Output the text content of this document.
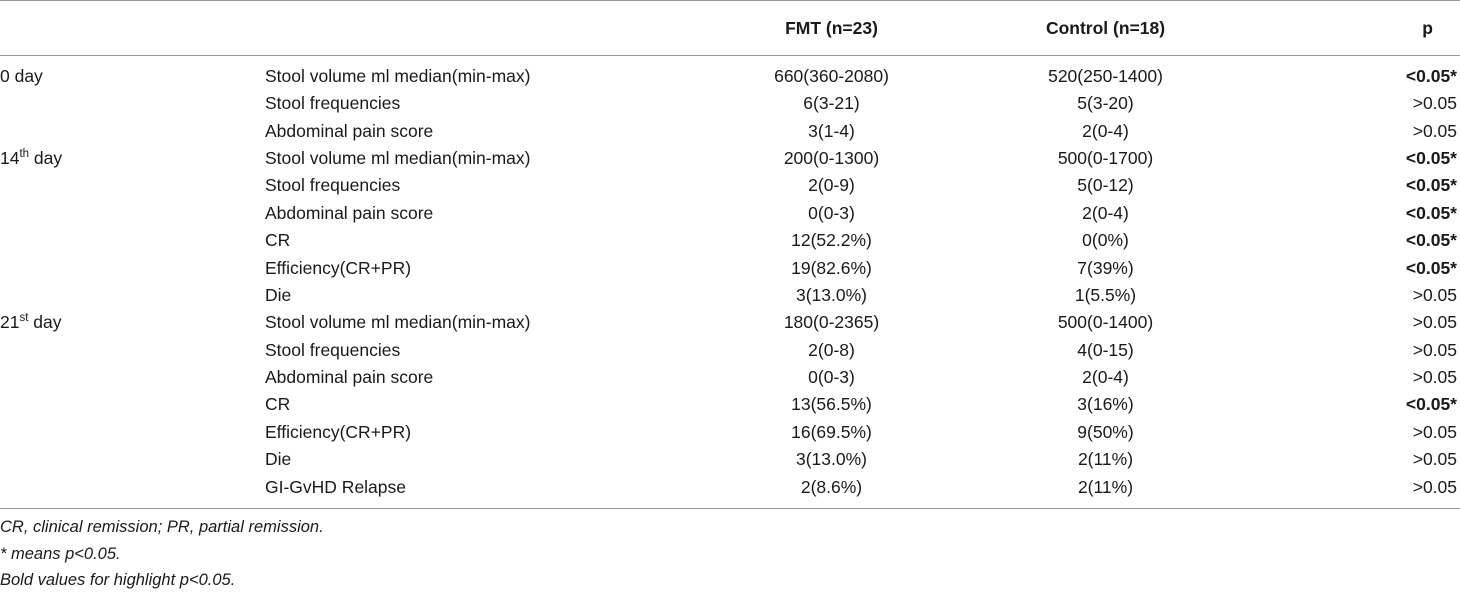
		FMT (n=23)	Control (n=18)	p
0 day	Stool volume ml median(min-max)	660(360-2080)	520(250-1400)	<0.05*
	Stool frequencies	6(3-21)	5(3-20)	>0.05
	Abdominal pain score	3(1-4)	2(0-4)	>0.05
14th day	Stool volume ml median(min-max)	200(0-1300)	500(0-1700)	<0.05*
	Stool frequencies	2(0-9)	5(0-12)	<0.05*
	Abdominal pain score	0(0-3)	2(0-4)	<0.05*
	CR	12(52.2%)	0(0%)	<0.05*
	Efficiency(CR+PR)	19(82.6%)	7(39%)	<0.05*
	Die	3(13.0%)	1(5.5%)	>0.05
21st day	Stool volume ml median(min-max)	180(0-2365)	500(0-1400)	>0.05
	Stool frequencies	2(0-8)	4(0-15)	>0.05
	Abdominal pain score	0(0-3)	2(0-4)	>0.05
	CR	13(56.5%)	3(16%)	<0.05*
	Efficiency(CR+PR)	16(69.5%)	9(50%)	>0.05
	Die	3(13.0%)	2(11%)	>0.05
	GI-GvHD Relapse	2(8.6%)	2(11%)	>0.05
CR, clinical remission; PR, partial remission.
* means p<0.05.
Bold values for highlight p<0.05.
